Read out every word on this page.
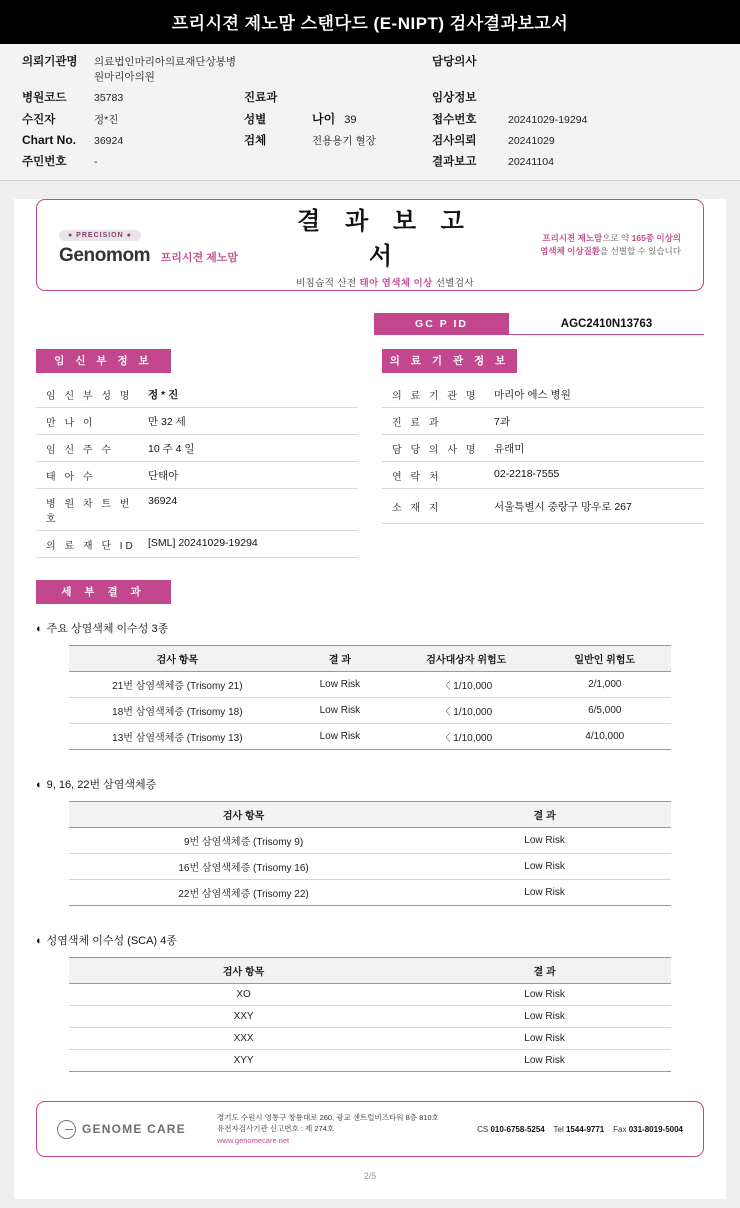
프리시젼 제노맘 스탠다드 (E-NIPT) 검사결과보고서
의뢰기관명	의료법인마리아의료재단상봉병원마리아의원
담당의사
병원코드	35783	진료과	임상정보
수진자	정*진	성별	나이 39	접수번호	20241029-19294
Chart No.	36924	검체	전용용기 혈장	검사의뢰	20241029
주민번호	-	결과보고	20241104
● PRECISION ●
Genomom 프리시젼 제노맘
결 과 보 고 서
비침습적 산전 태아 염색체 이상 선별검사
프리시젼 제노맘으로 약 165종 이상의
염색체 이상질환을 선별할 수 있습니다
GC P ID	AGC2410N13763
임 신 부 정 보
임 신 부 성 명	정 * 진
만 나 이	만 32 세
임 신 주 수	10 주 4 일
태 아 수	단태아
병 원 차 트 번 호
36924
의 료 재 단 ID	[SML] 20241029-19294
의 료 기 관 정 보
의 료 기 관 명	마리아 에스 병원
진 료 과	7과
담 당 의 사 명	유래미
연 락 처	02-2218-7555
소 재 지	서울특별시 중랑구 망우로 267
세 부 결 과
◐ 주요 상염색체 이수성 3종
검사 항목	결 과	검사대상자 위험도	일반인 위험도
21번 삼염색체증 (Trisomy 21)	Low Risk	〈 1/10,000	2/1,000
18번 삼염색체증 (Trisomy 18)	Low Risk	〈 1/10,000	6/5,000
13번 삼염색체증 (Trisomy 13)	Low Risk	〈 1/10,000	4/10,000
◐ 9, 16, 22번 삼염색체증
검사 항목	결 과
9번 삼염색체증 (Trisomy 9)	Low Risk
16번 삼염색체증 (Trisomy 16)	Low Risk
22번 삼염색체증 (Trisomy 22)	Low Risk
◐ 성염색체 이수성 (SCA) 4종
검사 항목	결 과
XO	Low Risk
XXY	Low Risk
XXX	Low Risk
XYY	Low Risk
GENOME CARE
경기도 수원시 영통구 창룡대로 260, 광교 센트럴비즈타워 8층 810호
유전자검사기관 신고번호 : 제 274호
www.genomecare.net
CS 010-6758-5254 Tel 1544-9771 Fax 031-8019-5004
2/5
